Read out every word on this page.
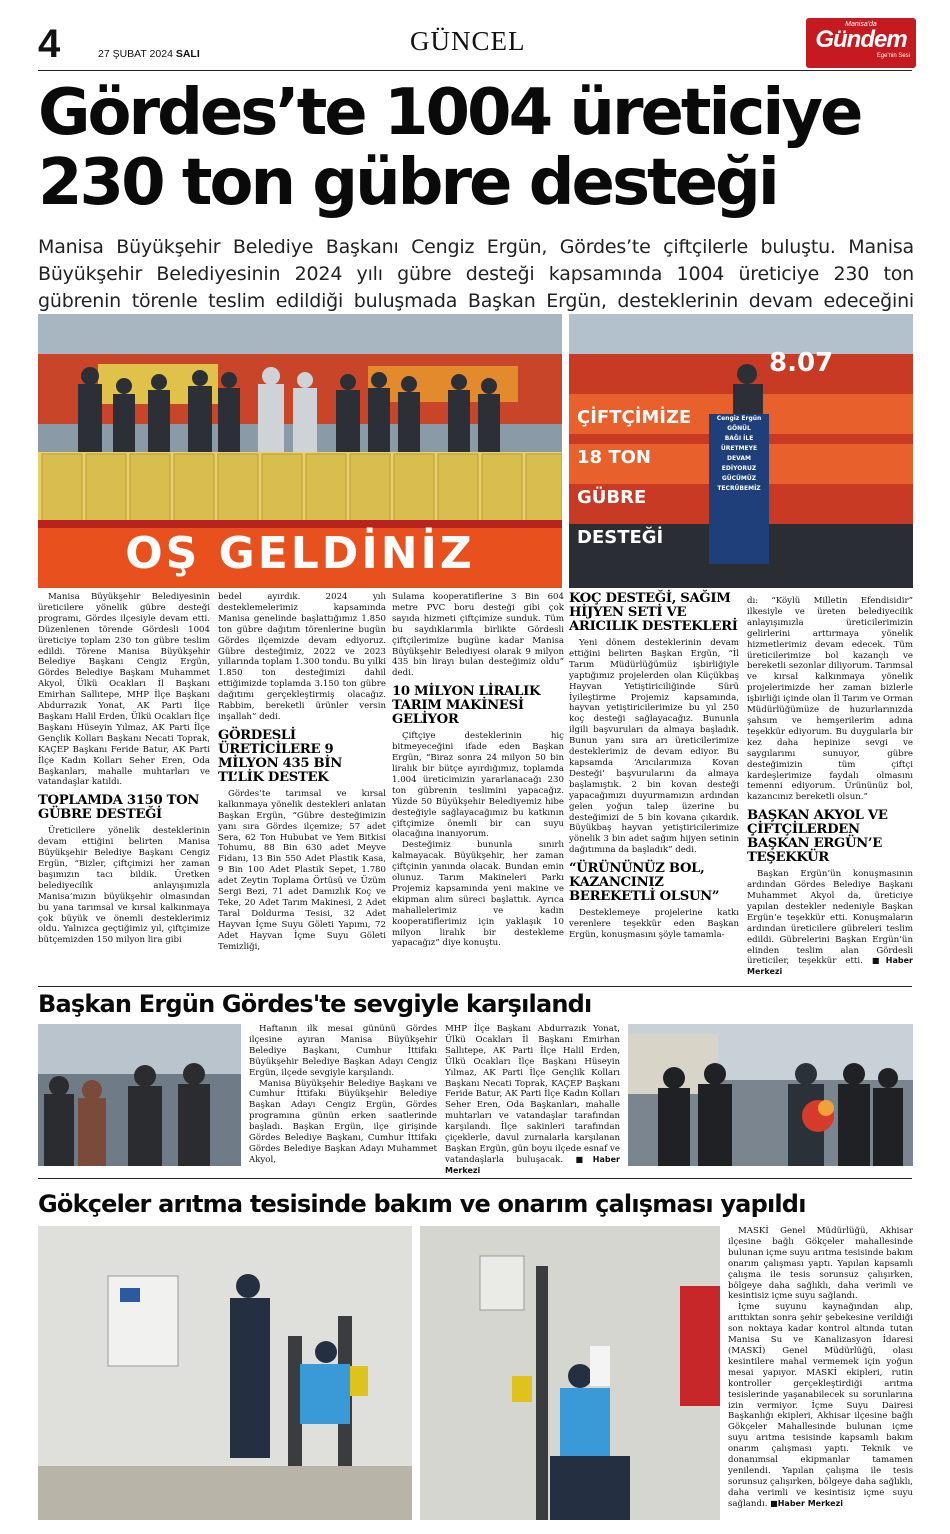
4	27 ŞUBAT 2024 SALI	GÜNCEL
Manisa'da
Gündem
Ege'nin Sesi
Gördes’te 1004 üreticiye
230 ton gübre desteği
Manisa Büyükşehir Belediye Başkanı Cengiz Ergün, Gördes’te çiftçilerle buluştu. Manisa Büyükşehir Belediyesinin 2024 yılı gübre desteği kapsamında 1004 üreticiye 230 ton gübrenin törenle teslim edildiği buluşmada Başkan Ergün, desteklerinin devam edeceğini
OŞ GELDİNİZ
8.07
ÇİFTÇİMİZE 18 TON GÜBRE DESTEĞİ
Cengiz Ergün
GÖNÜL
BAĞI İLE
ÜRETMEYE
DEVAM
EDİYORUZ
GÜCÜMÜZ
TECRÜBEMİZ

Manisa Büyükşehir Belediyesinin üreticilere yönelik gübre desteği programı, Gördes ilçesiyle devam etti. Düzenlenen törende Gördesli 1004 üreticiye toplam 230 ton gübre teslim edildi. Törene Manisa Büyükşehir Belediye Başkanı Cengiz Ergün, Gördes Belediye Başkanı Muhammet Akyol, Ülkü Ocakları İl Başkanı Emirhan Sallıtepe, MHP İlçe Başkanı Abdurrazık Yonat, AK Parti İlçe Başkanı Halil Erden, Ülkü Ocakları İlçe Başkanı Hüseyin Yılmaz, AK Parti İlçe Gençlik Kolları Başkanı Necati Toprak, KAÇEP Başkanı Feride Batur, AK Parti İlçe Kadın Kolları Seher Eren, Oda Başkanları, mahalle muhtarları ve vatandaşlar katıldı.

TOPLAMDA 3150 TON GÜBRE DESTEĞİ

Üreticilere yönelik desteklerinin devam ettiğini belirten Manisa Büyükşehir Belediye Başkanı Cengiz Ergün, “Bizler, çiftçimizi her zaman başımızın tacı bildik. Üretken belediyecilik anlayışımızla Manisa’mızın büyükşehir olmasından bu yana tarımsal ve kırsal kalkınmaya çok büyük ve önemli desteklerimiz oldu. Yalnızca geçtiğimiz yıl, çiftçimize bütçemizden 150 milyon lira gibi

bedel ayırdık. 2024 yılı desteklemelerimiz kapsamında Manisa genelinde başlattığımız 1.850 ton gübre dağıtım törenlerine bugün Gördes ilçemizde devam ediyoruz. Gübre desteğimiz, 2022 ve 2023 yıllarında toplam 1.300 tondu. Bu yılki 1.850 ton desteğimizi dahil ettiğimizde toplamda 3.150 ton gübre dağıtımı gerçekleştirmiş olacağız. Rabbim, bereketli ürünler versin inşallah” dedi.

GÖRDESLİ ÜRETİCİLERE 9 MİLYON 435 BİN TL’LİK DESTEK

Gördes’te tarımsal ve kırsal kalkınmaya yönelik destekleri anlatan Başkan Ergün, “Gübre desteğimizin yanı sıra Gördes ilçemize; 57 adet Sera, 62 Ton Hububat ve Yem Bitkisi Tohumu, 88 Bin 630 adet Meyve Fidanı, 13 Bin 550 Adet Plastik Kasa, 9 Bin 100 Adet Plastik Sepet, 1.780 adet Zeytin Toplama Örtüsü ve Üzüm Sergi Bezi, 71 adet Damızlık Koç ve Teke, 20 Adet Tarım Makinesi, 2 Adet Taral Doldurma Tesisi, 32 Adet Hayvan İçme Suyu Göleti Yapımı, 72 Adet Hayvan İçme Suyu Göleti Temizliği,

Sulama kooperatiflerine 3 Bin 604 metre PVC boru desteği gibi çok sayıda hizmeti çiftçimize sunduk. Tüm bu saydıklarımla birlikte Gördesli çiftçilerimize bugüne kadar Manisa Büyükşehir Belediyesi olarak 9 milyon 435 bin lirayı bulan desteğimiz oldu” dedi.

10 MİLYON LİRALIK TARIM MAKİNESİ GELİYOR

Çiftçiye desteklerinin hiç bitmeyeceğini ifade eden Başkan Ergün, “Biraz sonra 24 milyon 50 bin liralık bir bütçe ayırdığımız, toplamda 1.004 üreticimizin yararlanacağı 230 ton gübrenin teslimini yapacağız. Yüzde 50 Büyükşehir Belediyemiz hibe desteğiyle sağlayacağımız bu katkının çiftçimize önemli bir can suyu olacağına inanıyorum.

Desteğimiz bununla sınırlı kalmayacak. Büyükşehir, her zaman çiftçinin yanında olacak. Bundan emin olunuz. Tarım Makineleri Parkı Projemiz kapsamında yeni makine ve ekipman alım süreci başlattık. Ayrıca mahallelerimiz ve kadın kooperatiflerimiz için yaklaşık 10 milyon liralık bir destekleme yapacağız” diye konuştu.

KOÇ DESTEĞİ, SAĞIM HİJYEN SETİ VE ARICILIK DESTEKLERİ

Yeni dönem desteklerinin devam ettiğini belirten Başkan Ergün, “İl Tarım Müdürlüğümüz işbirliğiyle yaptığımız projelerden olan Küçükbaş Hayvan Yetiştiriciliğinde Sürü İyileştirme Projemiz kapsamında, hayvan yetiştiricilerimize bu yıl 250 koç desteği sağlayacağız. Bununla ilgili başvuruları da almaya başladık. Bunun yanı sıra arı üreticilerimize desteklerimiz de devam ediyor. Bu kapsamda ‘Arıcılarımıza Kovan Desteği’ başvurularını da almaya başlamıştık. 2 bin kovan desteği yapacağımızı duyurmamızın ardından gelen yoğun talep üzerine bu desteğimizi de 5 bin kovana çıkardık. Büyükbaş hayvan yetiştiricilerimize yönelik 3 bin adet sağım hijyen setinin dağıtımına da başladık” dedi.

“ÜRÜNÜNÜZ BOL, KAZANCINIZ BEREKETLİ OLSUN”

Desteklemeye projelerine katkı verenlere teşekkür eden Başkan Ergün, konuşmasını şöyle tamamla-

dı: “Köylü Milletin Efendisidir” ilkesiyle ve üreten belediyecilik anlayışımızla üreticilerimizin gelirlerini arttırmaya yönelik hizmetlerimiz devam edecek. Tüm üreticilerimize bol kazançlı ve bereketli sezonlar diliyorum. Tarımsal ve kırsal kalkınmaya yönelik projelerimizde her zaman bizlerle işbirliği içinde olan İl Tarım ve Orman Müdürlüğümüze de huzurlarınızda şahsım ve hemşerilerim adına teşekkür ediyorum. Bu duygularla bir kez daha hepinize sevgi ve saygılarımı sunuyor, gübre desteğimizin tüm çiftçi kardeşlerimize faydalı olmasını temenni ediyorum. Ürününüz bol, kazancınız bereketli olsun.”

BAŞKAN AKYOL VE ÇİFTÇİLERDEN BAŞKAN ERGÜN’E TEŞEKKÜR

Başkan Ergün’ün konuşmasının ardından Gördes Belediye Başkanı Muhammet Akyol da, üreticiye yapılan destekler nedeniyle Başkan Ergün’e teşekkür etti. Konuşmaların ardından üreticilere gübreleri teslim edildi. Gübrelerini Başkan Ergün’ün elinden teslim alan Gördesli üreticiler, teşekkür etti.	■ Haber Merkezi

Başkan Ergün Gördes'te sevgiyle karşılandı

Haftanın ilk mesai gününü Gördes ilçesine ayıran Manisa Büyükşehir Belediye Başkanı, Cumhur İttifakı Büyükşehir Belediye Başkan Adayı Cengiz Ergün, ilçede sevgiyle karşılandı.

Manisa Büyükşehir Belediye Başkanı ve Cumhur İttifakı Büyükşehir Belediye Başkan Adayı Cengiz Ergün, Gördes programına günün erken saatlerinde başladı. Başkan Ergün, ilçe girişinde Gördes Belediye Başkanı, Cumhur İttifakı Gördes Belediye Başkan Adayı Muhammet Akyol,

MHP İlçe Başkanı Abdurrazık Yonat, Ülkü Ocakları İl Başkanı Emirhan Sallıtepe, AK Parti İlçe Halil Erden, Ülkü Ocakları İlçe Başkanı Hüseyin Yılmaz, AK Parti İlçe Gençlik Kolları Başkanı Necati Toprak, KAÇEP Başkanı Feride Batur, AK Parti İlçe Kadın Kolları Seher Eren, Oda Başkanları, mahalle muhtarları ve vatandaşlar tarafından karşılandı. İlçe sakinleri tarafından çiçeklerle, davul zurnalarla karşılanan Başkan Ergün, gün boyu ilçede esnaf ve vatandaşlarla buluşacak.	■ Haber Merkezi

Gökçeler arıtma tesisinde bakım ve onarım çalışması yapıldı

MASKİ Genel Müdürlüğü, Akhisar ilçesine bağlı Gökçeler mahallesinde bulunan içme suyu arıtma tesisinde bakım onarım çalışması yaptı. Yapılan kapsamlı çalışma ile tesis sorunsuz çalışırken, bölgeye daha sağlıklı, daha verimli ve kesintisiz içme suyu sağlandı.

İçme suyunu kaynağından alıp, arıttıktan sonra şehir şebekesine verildiği son noktaya kadar kontrol altında tutan Manisa Su ve Kanalizasyon İdaresi (MASKİ) Genel Müdürlüğü, olası kesintilere mahal vermemek için yoğun mesai yapıyor. MASKİ ekipleri, rutin kontroller gerçekleştirdiği arıtma tesislerinde yaşanabilecek su sorunlarına izin vermiyor. İçme Suyu Dairesi Başkanlığı ekipleri, Akhisar ilçesine bağlı Gökçeler Mahallesinde bulunan içme suyu arıtma tesisinde kapsamlı bakım onarım çalışması yaptı. Teknik ve donanımsal ekipmanlar tamamen yenilendi. Yapılan çalışma ile tesis sorunsuz çalışırken, bölgeye daha sağlıklı, daha verimli ve kesintisiz içme suyu sağlandı. ■ Haber Merkezi
